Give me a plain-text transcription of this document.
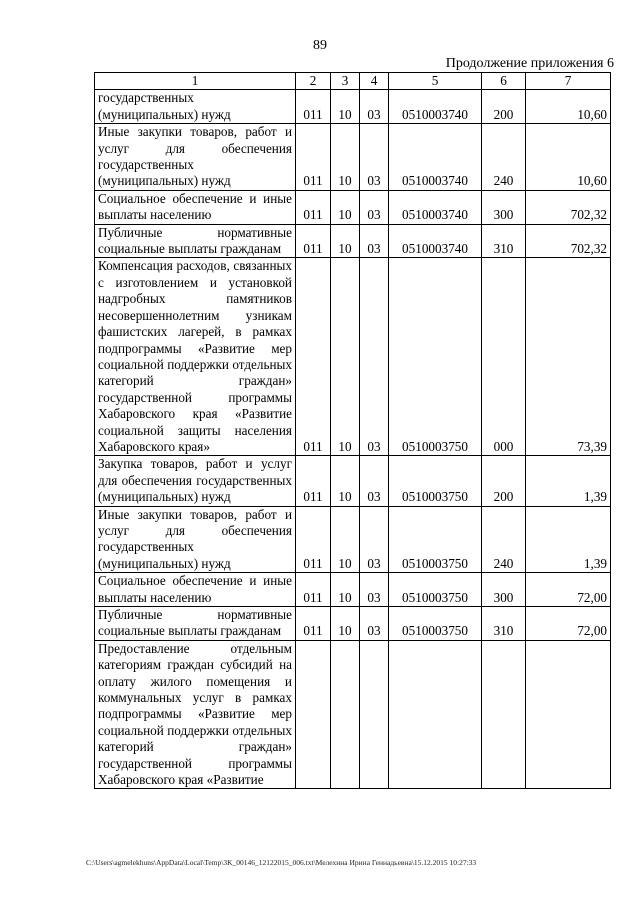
89
Продолжение приложения 6
1	2	3	4	5	6	7
государственных (муниципальных) нужд	011	10	03	0510003740	200	10,60
Иные закупки товаров, работ и услуг для обеспечения государственных (муниципальных) нужд	011	10	03	0510003740	240	10,60
Социальное обеспечение и иные выплаты населению	011	10	03	0510003740	300	702,32
Публичные нормативные социальные выплаты гражданам	011	10	03	0510003740	310	702,32
Компенсация расходов, связанных с изготовлением и установкой надгробных памятников несовершеннолетним узникам фашистских лагерей, в рамках подпрограммы «Развитие мер социальной поддержки отдельных категорий граждан» государственной программы Хабаровского края «Развитие социальной защиты населения Хабаровского края»	011	10	03	0510003750	000	73,39
Закупка товаров, работ и услуг для обеспечения государственных (муниципальных) нужд	011	10	03	0510003750	200	1,39
Иные закупки товаров, работ и услуг для обеспечения государственных (муниципальных) нужд	011	10	03	0510003750	240	1,39
Социальное обеспечение и иные выплаты населению	011	10	03	0510003750	300	72,00
Публичные нормативные социальные выплаты гражданам	011	10	03	0510003750	310	72,00
Предоставление отдельным категориям граждан субсидий на оплату жилого помещения и коммунальных услуг в рамках подпрограммы «Развитие мер социальной поддержки отдельных категорий граждан» государственной программы Хабаровского края «Развитие						
C:\Users\agmelekhuns\AppData\Local\Temp\3K_00146_12122015_006.txt\Мелехина Ирина Геннадьевна\15.12.2015 10:27:33
